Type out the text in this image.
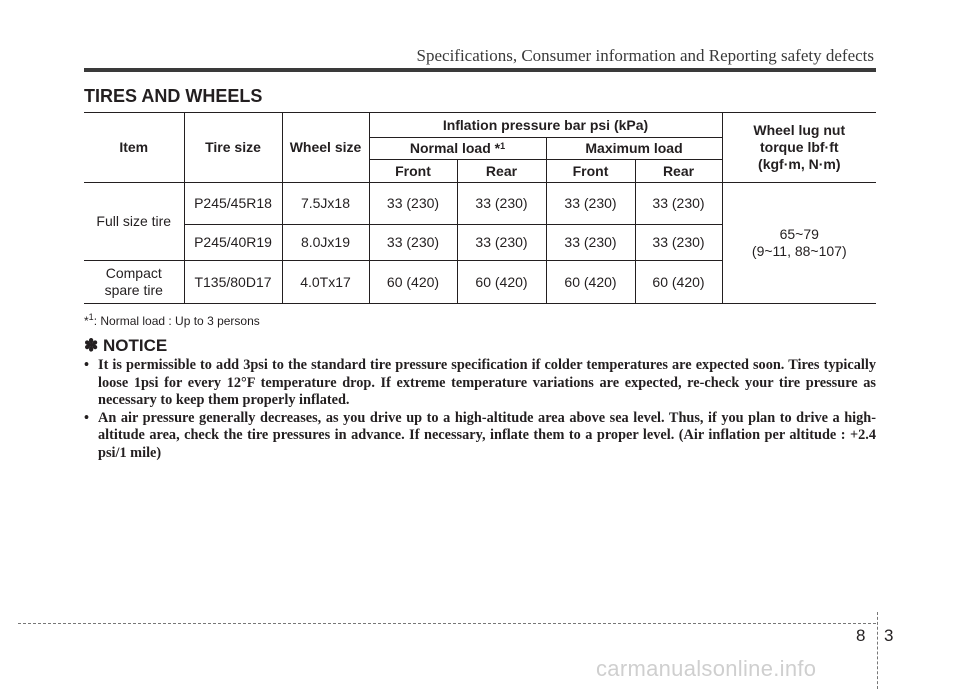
Specifications, Consumer information and Reporting safety defects
TIRES AND WHEELS
Item	Tire size	Wheel size	Inflation pressure bar psi (kPa)				Wheel lug nut
torque lbf·ft
(kgf·m, N·m)

			Normal load *$^1$		Maximum load		
			Front	Rear	Front	Rear	
Full size tire	P245/45R18	7.5Jx18	33 (230)	33 (230)	33 (230)	33 (230)	65~79
(9~11, 88~107)

	P245/40R19	8.0Jx19	33 (230)	33 (230)	33 (230)	33 (230)	

Compact
spare tire	T135/80D17	4.0Tx17	60 (420)	60 (420)	60 (420)	60 (420)	
*$^1$: Normal load : Up to 3 persons
✽ NOTICE
• It is permissible to add 3psi to the standard tire pressure specification if colder temperatures are expected soon. Tires typically loose 1psi for every 12°F temperature drop. If extreme temperature variations are expected, re-check your tire pressure as necessary to keep them properly inflated.
• An air pressure generally decreases, as you drive up to a high-altitude area above sea level. Thus, if you plan to drive a high-altitude area, check the tire pressures in advance. If necessary, inflate them to a proper level. (Air inflation per altitude : +2.4 psi/1 mile)
8 3
carmanualsonline.info
